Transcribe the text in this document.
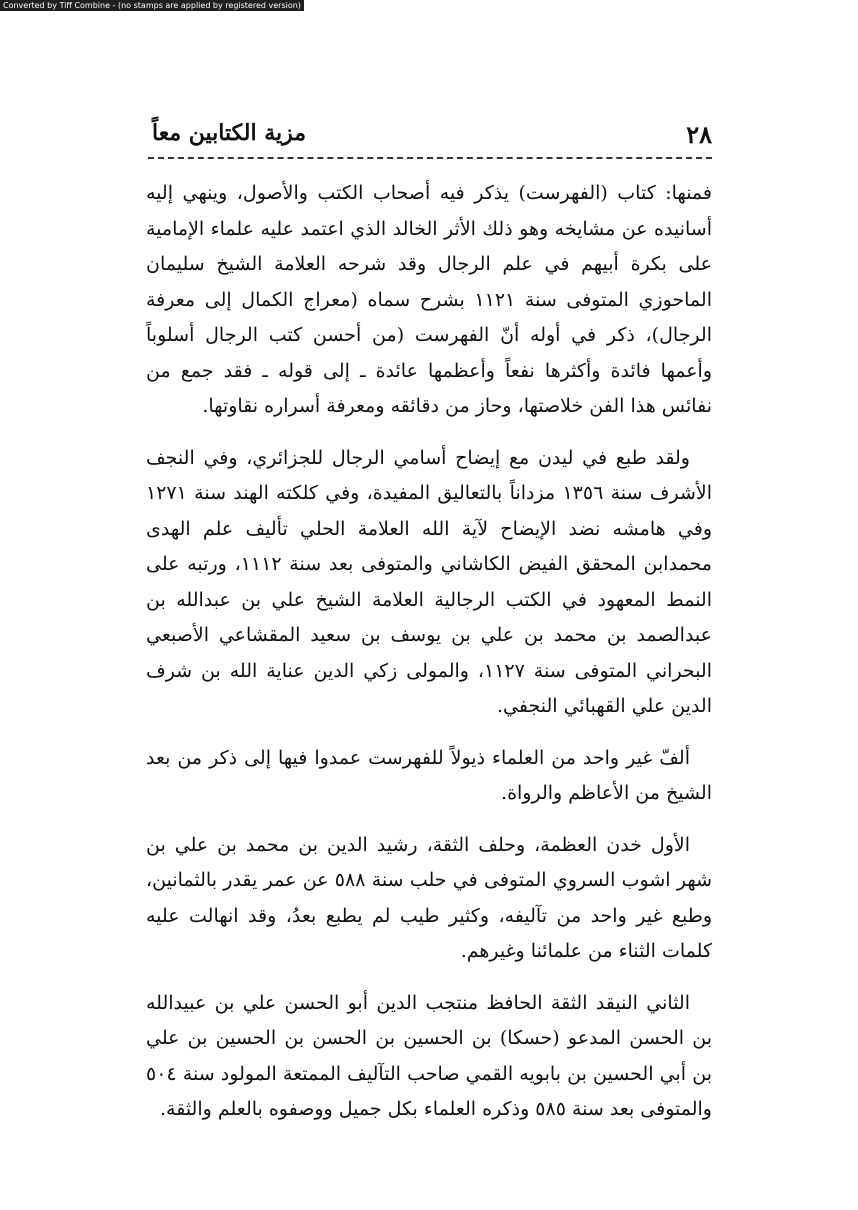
Converted by Tiff Combine - (no stamps are applied by registered version)
٢٨
مزية الكتابين معاً

فمنها: كتاب (الفهرست) يذكر فيه أصحاب الكتب والأصول، وينهي إليه أسانيده عن مشايخه وهو ذلك الأثر الخالد الذي اعتمد عليه علماء الإمامية على بكرة أبيهم في علم الرجال وقد شرحه العلامة الشيخ سليمان الماحوزي المتوفى سنة ١١٢١ بشرح سماه (معراج الكمال إلى معرفة الرجال)، ذكر في أوله أنّ الفهرست (من أحسن كتب الرجال أسلوباً وأعمها فائدة وأكثرها نفعاً وأعظمها عائدة ـ إلى قوله ـ فقد جمع من نفائس هذا الفن خلاصتها، وحاز من دقائقه ومعرفة أسراره نقاوتها.

ولقد طبع في ليدن مع إيضاح أسامي الرجال للجزائري، وفي النجف الأشرف سنة ١٣٥٦ مزداناً بالتعاليق المفيدة، وفي كلكته الهند سنة ١٢٧١ وفي هامشه نضد الإيضاح لآية الله العلامة الحلي تأليف علم الهدى محمدابن المحقق الفيض الكاشاني والمتوفى بعد سنة ١١١٢، ورتبه على النمط المعهود في الكتب الرجالية العلامة الشيخ علي بن عبدالله بن عبدالصمد بن محمد بن علي بن يوسف بن سعيد المقشاعي الأصبعي البحراني المتوفى سنة ١١٢٧، والمولى زكي الدين عناية الله بن شرف الدين علي القهبائي النجفي.

ألفّ غير واحد من العلماء ذيولاً للفهرست عمدوا فيها إلى ذكر من بعد الشيخ من الأعاظم والرواة.

الأول خدن العظمة، وحلف الثقة، رشيد الدين بن محمد بن علي بن شهر اشوب السروي المتوفى في حلب سنة ٥٨٨ عن عمر يقدر بالثمانين، وطبع غير واحد من تآليفه، وكثير طيب لم يطبع بعدُ، وقد انهالت عليه كلمات الثناء من علمائنا وغيرهم.

الثاني النيقد الثقة الحافظ منتجب الدين أبو الحسن علي بن عبيدالله بن الحسن المدعو (حسكا) بن الحسين بن الحسن بن الحسين بن علي بن أبي الحسين بن بابويه القمي صاحب التآليف الممتعة المولود سنة ٥٠٤ والمتوفى بعد سنة ٥٨٥ وذكره العلماء بكل جميل ووصفوه بالعلم والثقة.
